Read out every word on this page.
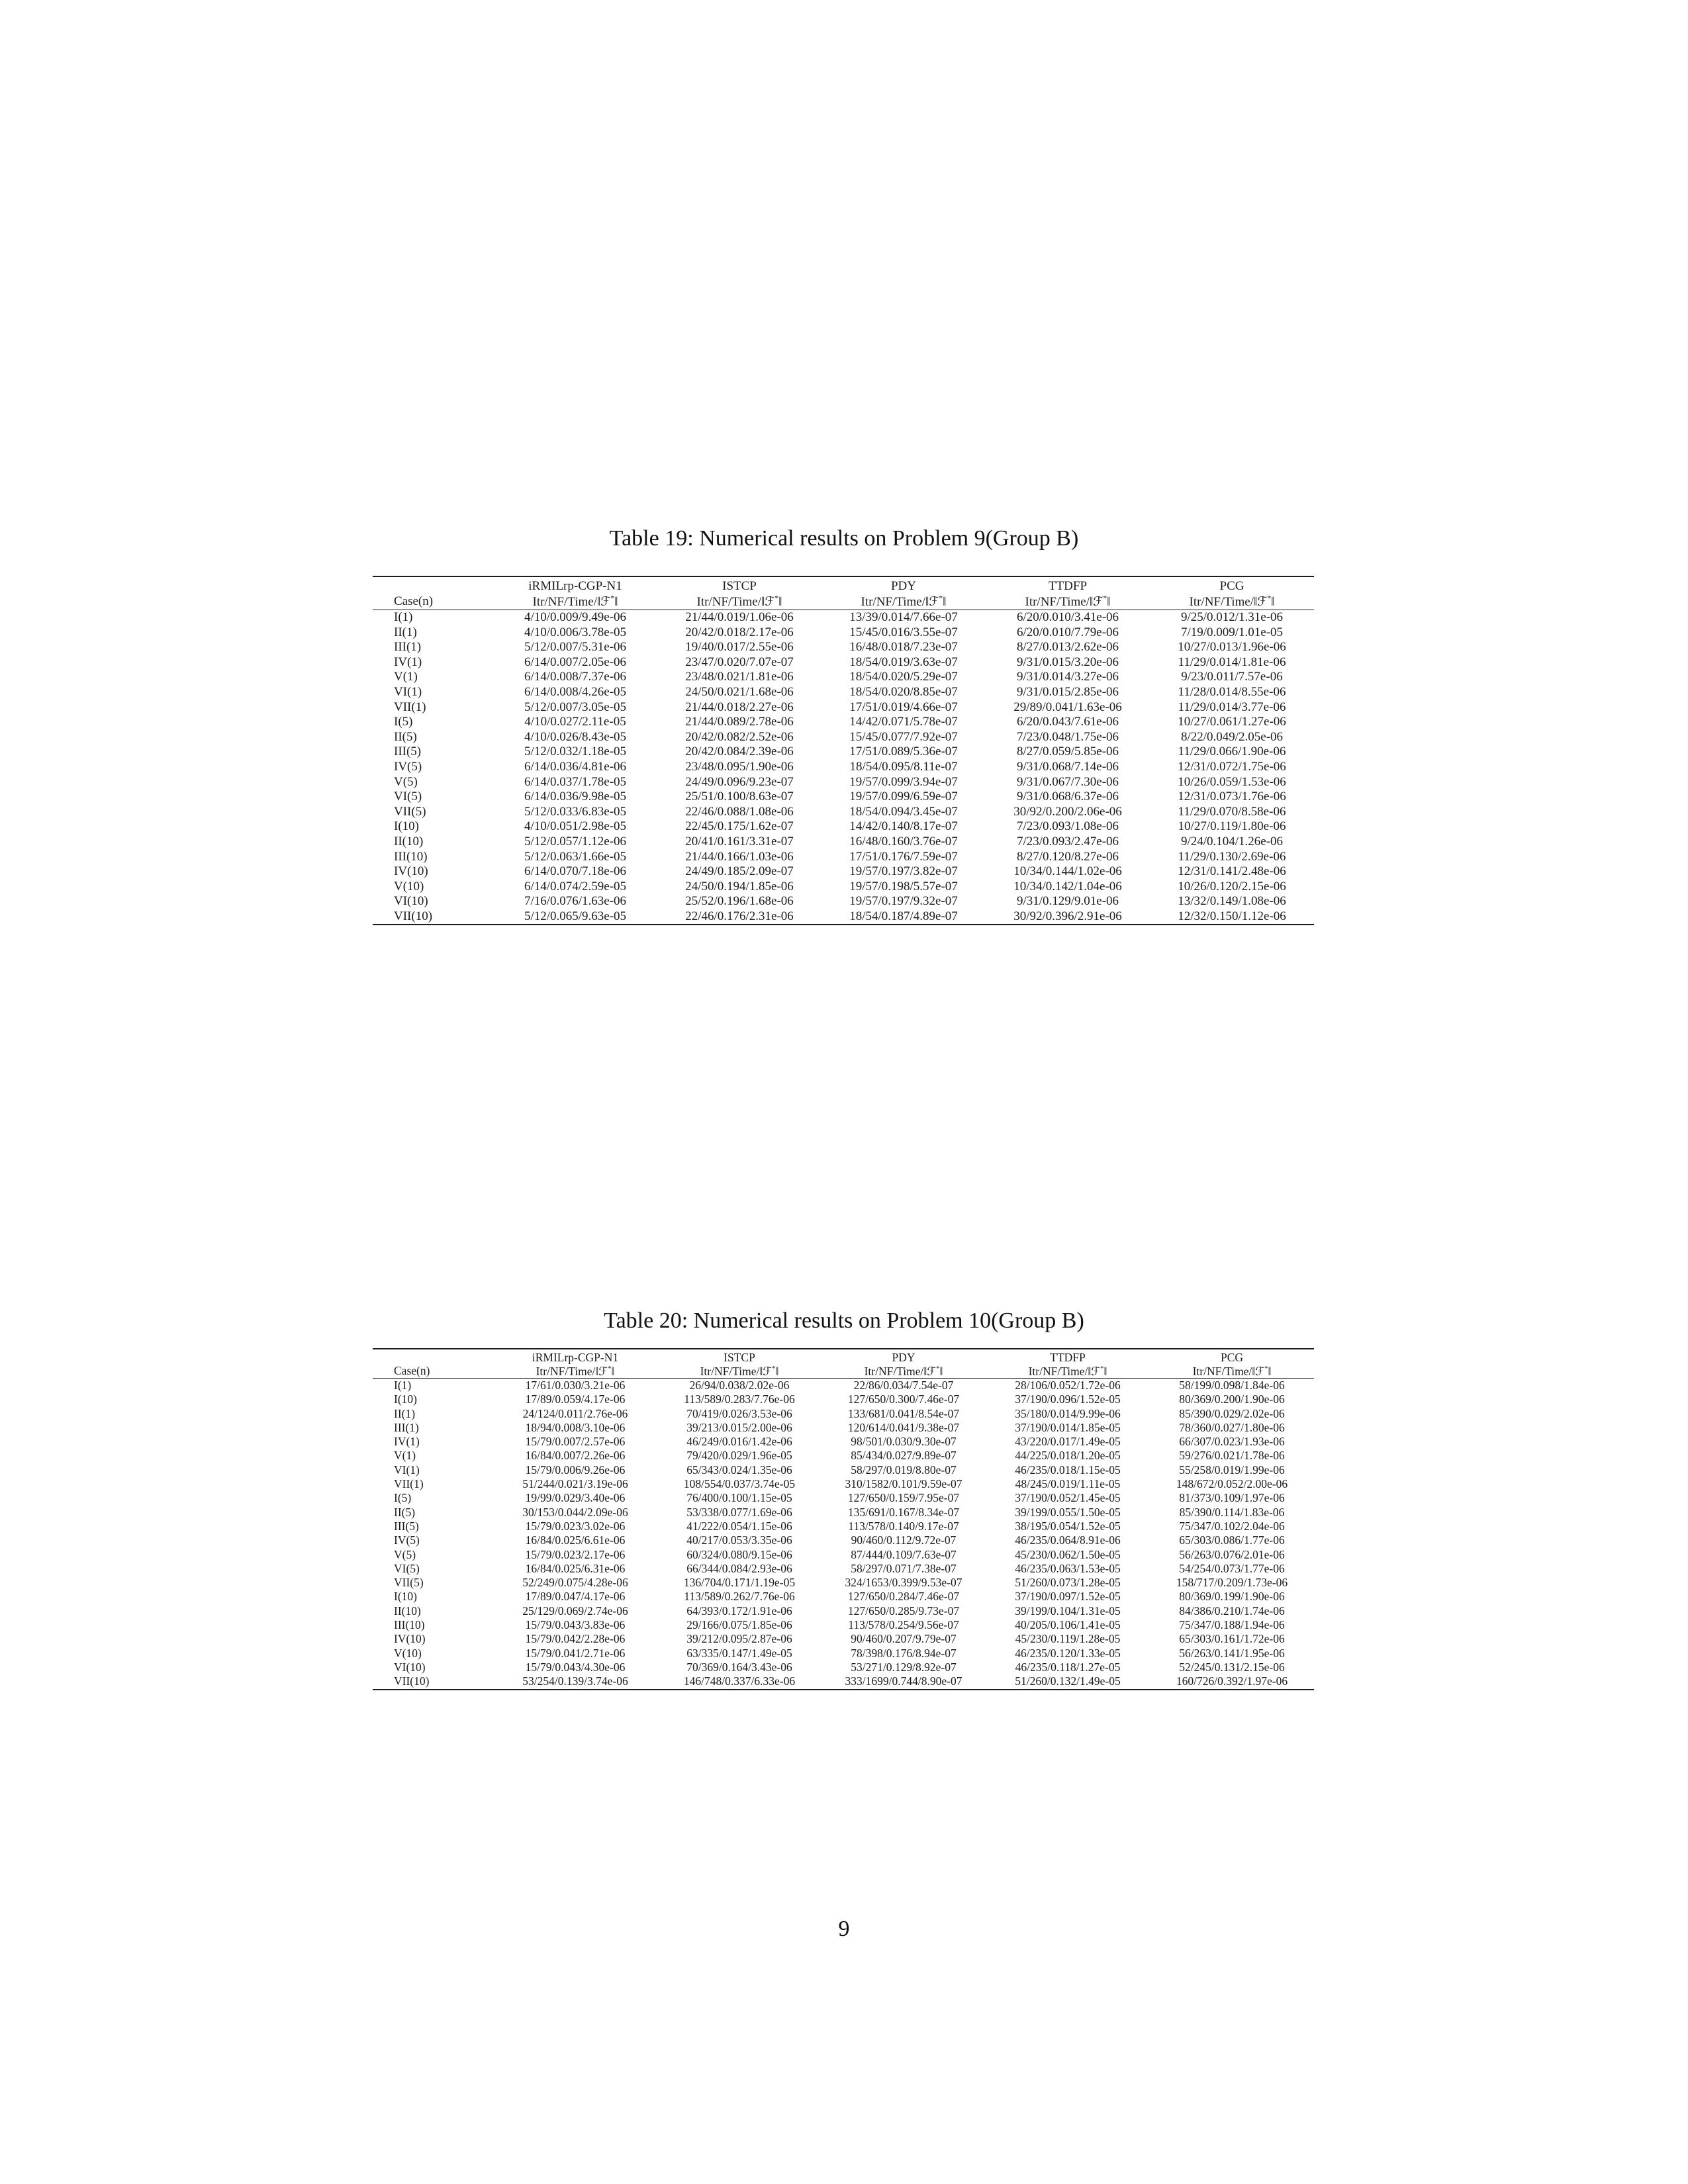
Table 19: Numerical results on Problem 9(Group B)
Case(n)	iRMILrp-CGP-N1	ISTCP	PDY	TTDFP	PCG
	Itr/NF/Time/‖ℱ*‖	Itr/NF/Time/‖ℱ*‖	Itr/NF/Time/‖ℱ*‖	Itr/NF/Time/‖ℱ*‖	Itr/NF/Time/‖ℱ*‖
I(1)	4/10/0.009/9.49e-06	21/44/0.019/1.06e-06	13/39/0.014/7.66e-07	6/20/0.010/3.41e-06	9/25/0.012/1.31e-06
II(1)	4/10/0.006/3.78e-05	20/42/0.018/2.17e-06	15/45/0.016/3.55e-07	6/20/0.010/7.79e-06	7/19/0.009/1.01e-05
III(1)	5/12/0.007/5.31e-06	19/40/0.017/2.55e-06	16/48/0.018/7.23e-07	8/27/0.013/2.62e-06	10/27/0.013/1.96e-06
IV(1)	6/14/0.007/2.05e-06	23/47/0.020/7.07e-07	18/54/0.019/3.63e-07	9/31/0.015/3.20e-06	11/29/0.014/1.81e-06
V(1)	6/14/0.008/7.37e-06	23/48/0.021/1.81e-06	18/54/0.020/5.29e-07	9/31/0.014/3.27e-06	9/23/0.011/7.57e-06
VI(1)	6/14/0.008/4.26e-05	24/50/0.021/1.68e-06	18/54/0.020/8.85e-07	9/31/0.015/2.85e-06	11/28/0.014/8.55e-06
VII(1)	5/12/0.007/3.05e-05	21/44/0.018/2.27e-06	17/51/0.019/4.66e-07	29/89/0.041/1.63e-06	11/29/0.014/3.77e-06
I(5)	4/10/0.027/2.11e-05	21/44/0.089/2.78e-06	14/42/0.071/5.78e-07	6/20/0.043/7.61e-06	10/27/0.061/1.27e-06
II(5)	4/10/0.026/8.43e-05	20/42/0.082/2.52e-06	15/45/0.077/7.92e-07	7/23/0.048/1.75e-06	8/22/0.049/2.05e-06
III(5)	5/12/0.032/1.18e-05	20/42/0.084/2.39e-06	17/51/0.089/5.36e-07	8/27/0.059/5.85e-06	11/29/0.066/1.90e-06
IV(5)	6/14/0.036/4.81e-06	23/48/0.095/1.90e-06	18/54/0.095/8.11e-07	9/31/0.068/7.14e-06	12/31/0.072/1.75e-06
V(5)	6/14/0.037/1.78e-05	24/49/0.096/9.23e-07	19/57/0.099/3.94e-07	9/31/0.067/7.30e-06	10/26/0.059/1.53e-06
VI(5)	6/14/0.036/9.98e-05	25/51/0.100/8.63e-07	19/57/0.099/6.59e-07	9/31/0.068/6.37e-06	12/31/0.073/1.76e-06
VII(5)	5/12/0.033/6.83e-05	22/46/0.088/1.08e-06	18/54/0.094/3.45e-07	30/92/0.200/2.06e-06	11/29/0.070/8.58e-06
I(10)	4/10/0.051/2.98e-05	22/45/0.175/1.62e-07	14/42/0.140/8.17e-07	7/23/0.093/1.08e-06	10/27/0.119/1.80e-06
II(10)	5/12/0.057/1.12e-06	20/41/0.161/3.31e-07	16/48/0.160/3.76e-07	7/23/0.093/2.47e-06	9/24/0.104/1.26e-06
III(10)	5/12/0.063/1.66e-05	21/44/0.166/1.03e-06	17/51/0.176/7.59e-07	8/27/0.120/8.27e-06	11/29/0.130/2.69e-06
IV(10)	6/14/0.070/7.18e-06	24/49/0.185/2.09e-07	19/57/0.197/3.82e-07	10/34/0.144/1.02e-06	12/31/0.141/2.48e-06
V(10)	6/14/0.074/2.59e-05	24/50/0.194/1.85e-06	19/57/0.198/5.57e-07	10/34/0.142/1.04e-06	10/26/0.120/2.15e-06
VI(10)	7/16/0.076/1.63e-06	25/52/0.196/1.68e-06	19/57/0.197/9.32e-07	9/31/0.129/9.01e-06	13/32/0.149/1.08e-06
VII(10)	5/12/0.065/9.63e-05	22/46/0.176/2.31e-06	18/54/0.187/4.89e-07	30/92/0.396/2.91e-06	12/32/0.150/1.12e-06
Table 20: Numerical results on Problem 10(Group B)
Case(n)	iRMILrp-CGP-N1	ISTCP	PDY	TTDFP	PCG
	Itr/NF/Time/‖ℱ*‖	Itr/NF/Time/‖ℱ*‖	Itr/NF/Time/‖ℱ*‖	Itr/NF/Time/‖ℱ*‖	Itr/NF/Time/‖ℱ*‖
I(1)	17/61/0.030/3.21e-06	26/94/0.038/2.02e-06	22/86/0.034/7.54e-07	28/106/0.052/1.72e-06	58/199/0.098/1.84e-06
I(10)	17/89/0.059/4.17e-06	113/589/0.283/7.76e-06	127/650/0.300/7.46e-07	37/190/0.096/1.52e-05	80/369/0.200/1.90e-06
II(1)	24/124/0.011/2.76e-06	70/419/0.026/3.53e-06	133/681/0.041/8.54e-07	35/180/0.014/9.99e-06	85/390/0.029/2.02e-06
III(1)	18/94/0.008/3.10e-06	39/213/0.015/2.00e-06	120/614/0.041/9.38e-07	37/190/0.014/1.85e-05	78/360/0.027/1.80e-06
IV(1)	15/79/0.007/2.57e-06	46/249/0.016/1.42e-06	98/501/0.030/9.30e-07	43/220/0.017/1.49e-05	66/307/0.023/1.93e-06
V(1)	16/84/0.007/2.26e-06	79/420/0.029/1.96e-05	85/434/0.027/9.89e-07	44/225/0.018/1.20e-05	59/276/0.021/1.78e-06
VI(1)	15/79/0.006/9.26e-06	65/343/0.024/1.35e-06	58/297/0.019/8.80e-07	46/235/0.018/1.15e-05	55/258/0.019/1.99e-06
VII(1)	51/244/0.021/3.19e-06	108/554/0.037/3.74e-05	310/1582/0.101/9.59e-07	48/245/0.019/1.11e-05	148/672/0.052/2.00e-06
I(5)	19/99/0.029/3.40e-06	76/400/0.100/1.15e-05	127/650/0.159/7.95e-07	37/190/0.052/1.45e-05	81/373/0.109/1.97e-06
II(5)	30/153/0.044/2.09e-06	53/338/0.077/1.69e-06	135/691/0.167/8.34e-07	39/199/0.055/1.50e-05	85/390/0.114/1.83e-06
III(5)	15/79/0.023/3.02e-06	41/222/0.054/1.15e-06	113/578/0.140/9.17e-07	38/195/0.054/1.52e-05	75/347/0.102/2.04e-06
IV(5)	16/84/0.025/6.61e-06	40/217/0.053/3.35e-06	90/460/0.112/9.72e-07	46/235/0.064/8.91e-06	65/303/0.086/1.77e-06
V(5)	15/79/0.023/2.17e-06	60/324/0.080/9.15e-06	87/444/0.109/7.63e-07	45/230/0.062/1.50e-05	56/263/0.076/2.01e-06
VI(5)	16/84/0.025/6.31e-06	66/344/0.084/2.93e-06	58/297/0.071/7.38e-07	46/235/0.063/1.53e-05	54/254/0.073/1.77e-06
VII(5)	52/249/0.075/4.28e-06	136/704/0.171/1.19e-05	324/1653/0.399/9.53e-07	51/260/0.073/1.28e-05	158/717/0.209/1.73e-06
I(10)	17/89/0.047/4.17e-06	113/589/0.262/7.76e-06	127/650/0.284/7.46e-07	37/190/0.097/1.52e-05	80/369/0.199/1.90e-06
II(10)	25/129/0.069/2.74e-06	64/393/0.172/1.91e-06	127/650/0.285/9.73e-07	39/199/0.104/1.31e-05	84/386/0.210/1.74e-06
III(10)	15/79/0.043/3.83e-06	29/166/0.075/1.85e-06	113/578/0.254/9.56e-07	40/205/0.106/1.41e-05	75/347/0.188/1.94e-06
IV(10)	15/79/0.042/2.28e-06	39/212/0.095/2.87e-06	90/460/0.207/9.79e-07	45/230/0.119/1.28e-05	65/303/0.161/1.72e-06
V(10)	15/79/0.041/2.71e-06	63/335/0.147/1.49e-05	78/398/0.176/8.94e-07	46/235/0.120/1.33e-05	56/263/0.141/1.95e-06
VI(10)	15/79/0.043/4.30e-06	70/369/0.164/3.43e-06	53/271/0.129/8.92e-07	46/235/0.118/1.27e-05	52/245/0.131/2.15e-06
VII(10)	53/254/0.139/3.74e-06	146/748/0.337/6.33e-06	333/1699/0.744/8.90e-07	51/260/0.132/1.49e-05	160/726/0.392/1.97e-06
9
